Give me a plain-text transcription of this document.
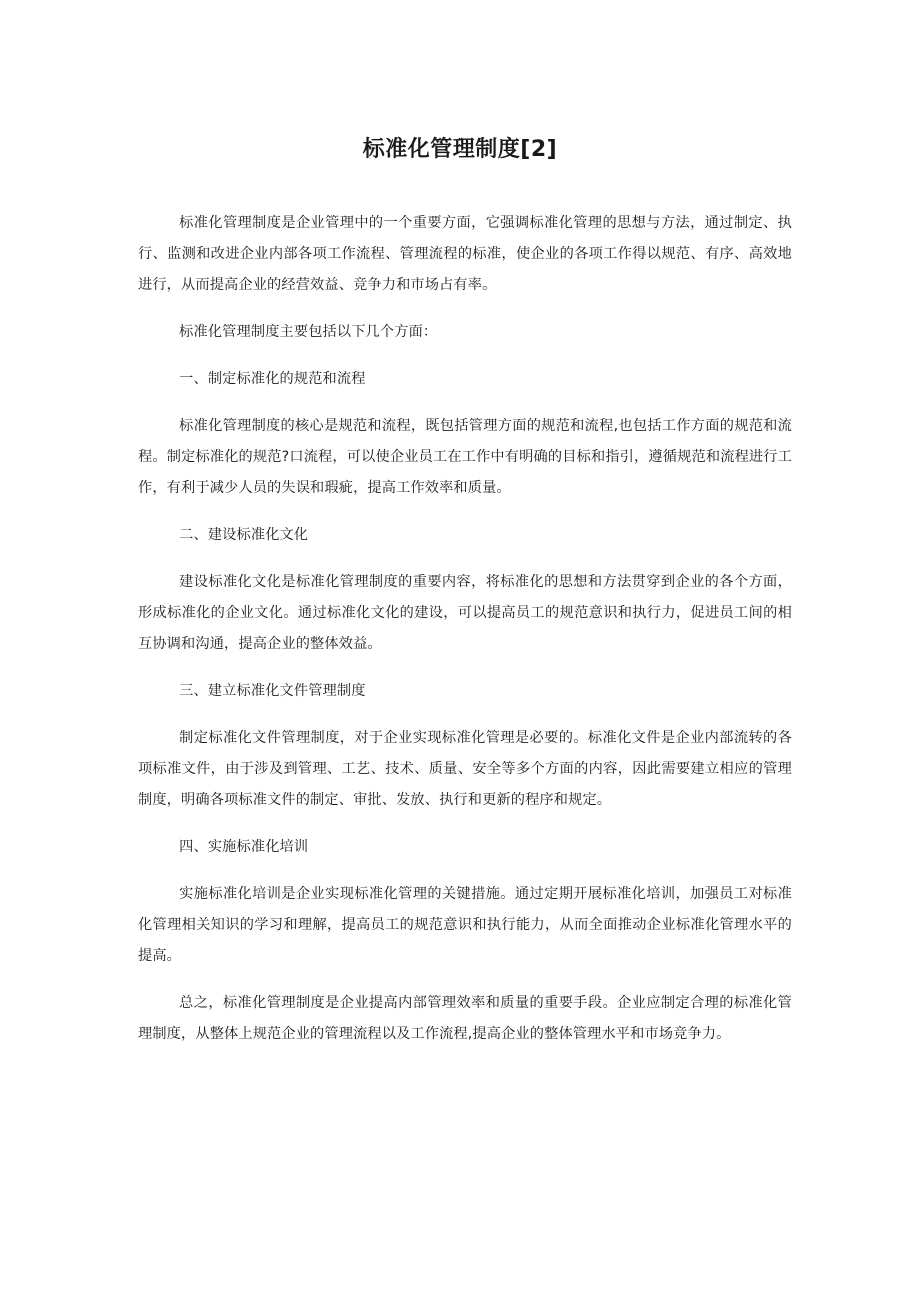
标准化管理制度[2]

标准化管理制度是企业管理中的一个重要方面，它强调标准化管理的思想与方法，通过制定、执行、监测和改进企业内部各项工作流程、管理流程的标准，使企业的各项工作得以规范、有序、高效地进行，从而提高企业的经营效益、竞争力和市场占有率。

标准化管理制度主要包括以下几个方面：

一、制定标准化的规范和流程

标准化管理制度的核心是规范和流程，既包括管理方面的规范和流程,也包括工作方面的规范和流程。制定标准化的规范?口流程，可以使企业员工在工作中有明确的目标和指引，遵循规范和流程进行工作，有利于减少人员的失误和瑕疵，提高工作效率和质量。

二、建设标准化文化

建设标准化文化是标准化管理制度的重要内容，将标准化的思想和方法贯穿到企业的各个方面，形成标准化的企业文化。通过标准化文化的建设，可以提高员工的规范意识和执行力，促进员工间的相互协调和沟通，提高企业的整体效益。

三、建立标准化文件管理制度

制定标准化文件管理制度，对于企业实现标准化管理是必要的。标准化文件是企业内部流转的各项标准文件，由于涉及到管理、工艺、技术、质量、安全等多个方面的内容，因此需要建立相应的管理制度，明确各项标准文件的制定、审批、发放、执行和更新的程序和规定。

四、实施标准化培训

实施标准化培训是企业实现标准化管理的关键措施。通过定期开展标准化培训，加强员工对标准化管理相关知识的学习和理解，提高员工的规范意识和执行能力，从而全面推动企业标准化管理水平的提高。

总之，标准化管理制度是企业提高内部管理效率和质量的重要手段。企业应制定合理的标准化管理制度，从整体上规范企业的管理流程以及工作流程,提高企业的整体管理水平和市场竞争力。
